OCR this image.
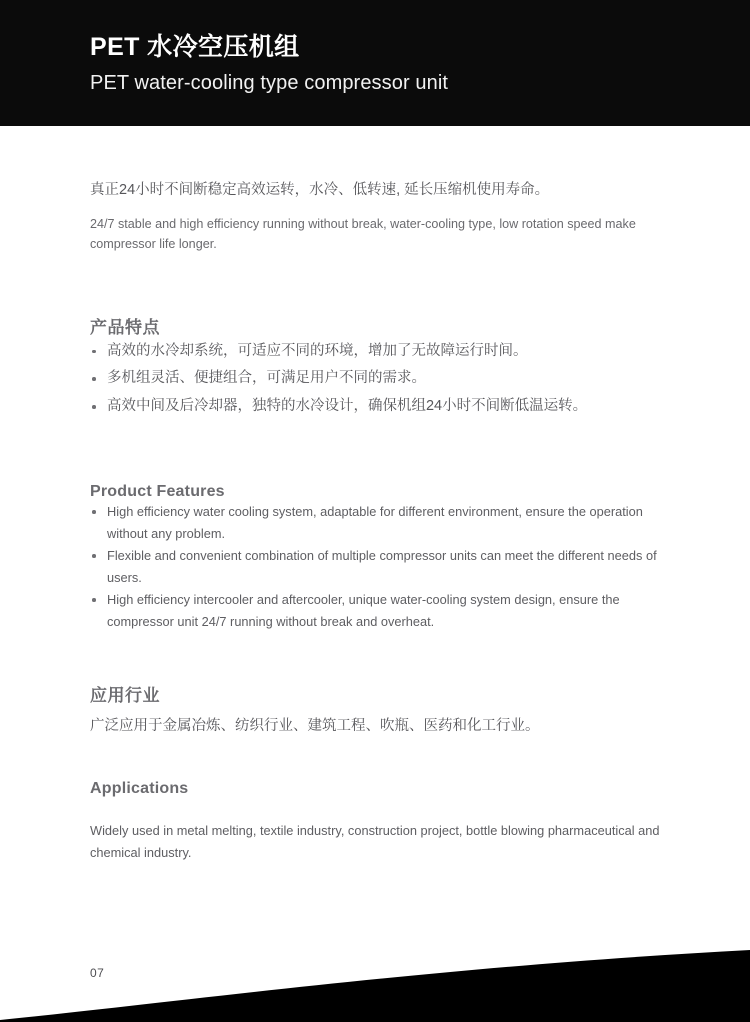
PET 水冷空压机组
PET water-cooling type compressor unit

真正24小时不间断稳定高效运转，水冷、低转速, 延长压缩机使用寿命。

24/7 stable and high efficiency running without break, water-cooling type, low rotation speed make compressor life longer.

产品特点
高效的水冷却系统，可适应不同的环境，增加了无故障运行时间。
多机组灵活、便捷组合，可满足用户不同的需求。
高效中间及后冷却器，独特的水冷设计，确保机组24小时不间断低温运转。
Product Features
High efficiency water cooling system, adaptable for different environment, ensure the operation without any problem.
Flexible and convenient combination of multiple compressor units can meet the different needs of users.
High efficiency intercooler and aftercooler, unique water-cooling system design, ensure the compressor unit 24/7 running without break and overheat.
应用行业

广泛应用于金属冶炼、纺织行业、建筑工程、吹瓶、医药和化工行业。

Applications

Widely used in metal melting, textile industry, construction project, bottle blowing pharmaceutical and chemical industry.

07
